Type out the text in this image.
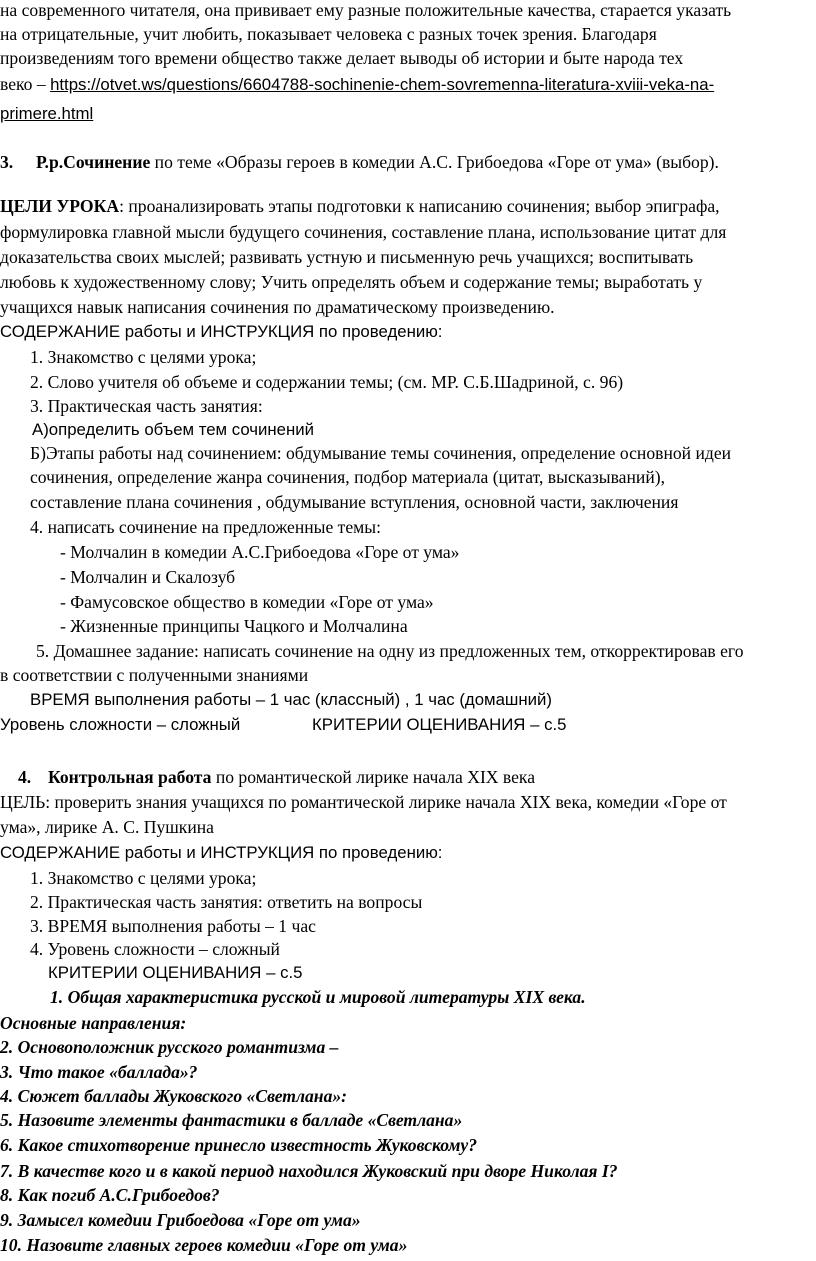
на современного читателя, она прививает ему разные положительные качества, старается указать
на отрицательные, учит любить, показывает человека с разных точек зрения. Благодаря
произведениям того времени общество также делает выводы об истории и быте народа тех
веко – https://otvet.ws/questions/6604788-sochinenie-chem-sovremenna-literatura-xviii-veka-na-
primere.html
3. Р.р.Сочинение по теме «Образы героев в комедии А.С. Грибоедова «Горе от ума» (выбор).
ЦЕЛИ УРОКА: проанализировать этапы подготовки к написанию сочинения; выбор эпиграфа,
формулировка главной мысли будущего сочинения, составление плана, использование цитат для
доказательства своих мыслей; развивать устную и письменную речь учащихся; воспитывать
любовь к художественному слову; Учить определять объем и содержание темы; выработать у
учащихся навык написания сочинения по драматическому произведению.
СОДЕРЖАНИЕ работы и ИНСТРУКЦИЯ по проведению:
1. Знакомство с целями урока;
2. Слово учителя об объеме и содержании темы; (см. МР. С.Б.Шадриной, с. 96)
3. Практическая часть занятия:
А)определить объем тем сочинений
Б)Этапы работы над сочинением: обдумывание темы сочинения, определение основной идеи
сочинения, определение жанра сочинения, подбор материала (цитат, высказываний),
составление плана сочинения , обдумывание вступления, основной части, заключения
4. написать сочинение на предложенные темы:
- Молчалин в комедии А.С.Грибоедова «Горе от ума»
- Молчалин и Скалозуб
- Фамусовское общество в комедии «Горе от ума»
- Жизненные принципы Чацкого и Молчалина
5. Домашнее задание: написать сочинение на одну из предложенных тем, откорректировав его
в соответствии с полученными знаниями
ВРЕМЯ выполнения работы – 1 час (классный) , 1 час (домашний)
Уровень сложности – сложный	КРИТЕРИИ ОЦЕНИВАНИЯ – с.5
4. Контрольная работа по романтической лирике начала XIX века
ЦЕЛЬ: проверить знания учащихся по романтической лирике начала XIX века, комедии «Горе от
ума», лирике А. С. Пушкина
СОДЕРЖАНИЕ работы и ИНСТРУКЦИЯ по проведению:
1. Знакомство с целями урока;
2. Практическая часть занятия: ответить на вопросы
3. ВРЕМЯ выполнения работы – 1 час
4. Уровень сложности – сложный
КРИТЕРИИ ОЦЕНИВАНИЯ – с.5
1. Общая характеристика русской и мировой литературы XIX века.
Основные направления:
2. Основоположник русского романтизма –
3. Что такое «баллада»?
4. Сюжет баллады Жуковского «Светлана»:
5. Назовите элементы фантастики в балладе «Светлана»
6. Какое стихотворение принесло известность Жуковскому?
7. В качестве кого и в какой период находился Жуковский при дворе Николая I?
8. Как погиб А.С.Грибоедов?
9. Замысел комедии Грибоедова «Горе от ума»
10. Назовите главных героев комедии «Горе от ума»
